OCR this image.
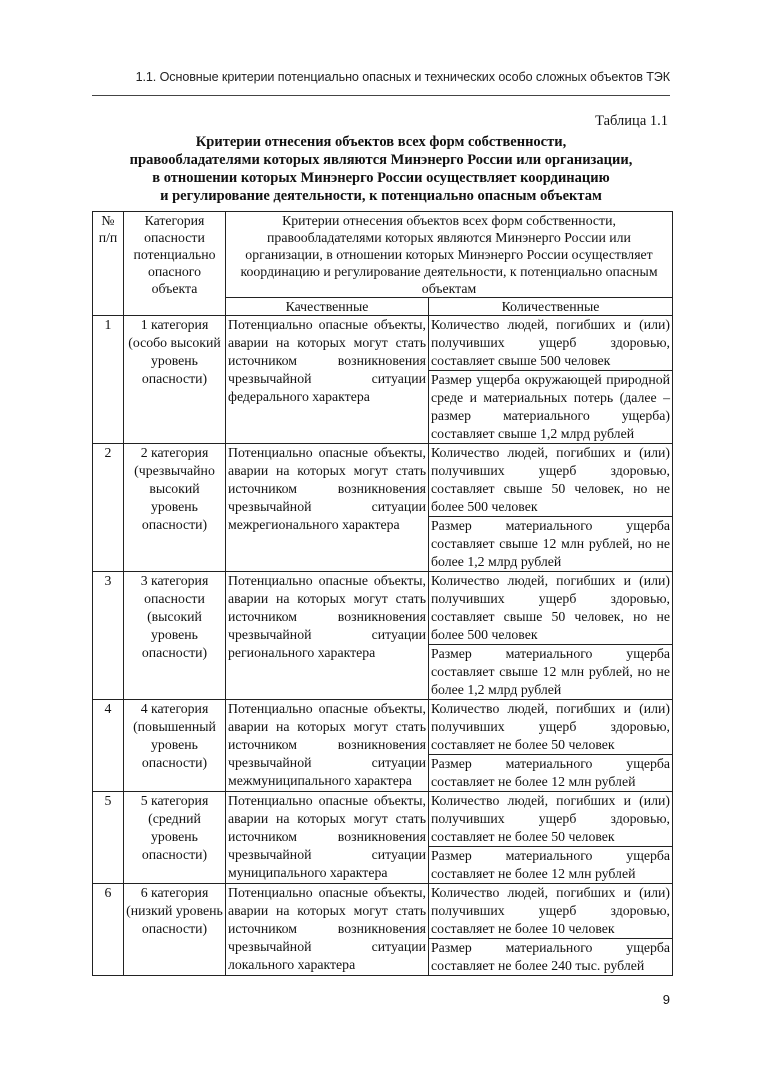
1.1. Основные критерии потенциально опасных и технических особо сложных объектов ТЭК
Таблица 1.1
Критерии отнесения объектов всех форм собственности,
правообладателями которых являются Минэнерго России или организации,
в отношении которых Минэнерго России осуществляет координацию
и регулирование деятельности, к потенциально опасным объектам
№ п/п	Категория опасности потенциально опасного объекта	Критерии отнесения объектов всех форм собственности, правообладателями которых являются Минэнерго России или организации, в отношении которых Минэнерго России осуществляет координацию и регулирование деятельности, к потенциально опасным объектам	
		Качественные	Количественные
1	1 категория (особо высокий уровень опасности)	Потенциально опасные объекты, аварии на которых могут стать источником возникновения чрезвычайной ситуации федерального характера	Количество людей, погибших и (или) получивших ущерб здоровью, составляет свыше 500 человек
			Размер ущерба окружающей природной среде и материальных потерь (далее – размер материального ущерба) составляет свыше 1,2 млрд рублей
2	2 категория (чрезвычайно высокий уровень опасности)	Потенциально опасные объекты, аварии на которых могут стать источником возникновения чрезвычайной ситуации межрегионального характера	Количество людей, погибших и (или) получивших ущерб здоровью, составляет свыше 50 человек, но не более 500 человек
			Размер материального ущерба составляет свыше 12 млн рублей, но не более 1,2 млрд рублей
3	3 категория опасности (высокий уровень опасности)	Потенциально опасные объекты, аварии на которых могут стать источником возникновения чрезвычайной ситуации регионального характера	Количество людей, погибших и (или) получивших ущерб здоровью, составляет свыше 50 человек, но не более 500 человек
			Размер материального ущерба составляет свыше 12 млн рублей, но не более 1,2 млрд рублей
4	4 категория (повышенный уровень опасности)	Потенциально опасные объекты, аварии на которых могут стать источником возникновения чрезвычайной ситуации межмуниципального характера	Количество людей, погибших и (или) получивших ущерб здоровью, составляет не более 50 человек
			Размер материального ущерба составляет не более 12 млн рублей
5	5 категория (средний уровень опасности)	Потенциально опасные объекты, аварии на которых могут стать источником возникновения чрезвычайной ситуации муниципального характера	Количество людей, погибших и (или) получивших ущерб здоровью, составляет не более 50 человек
			Размер материального ущерба составляет не более 12 млн рублей
6	6 категория (низкий уровень опасности)	Потенциально опасные объекты, аварии на которых могут стать источником возникновения чрезвычайной ситуации локального характера	Количество людей, погибших и (или) получивших ущерб здоровью, составляет не более 10 человек
			Размер материального ущерба составляет не более 240 тыс. рублей
9
